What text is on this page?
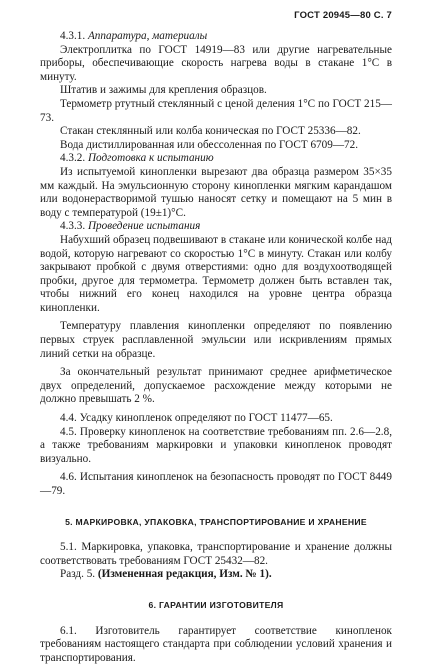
ГОСТ 20945—80 С. 7

4.3.1. Аппаратура, материалы

Электроплитка по ГОСТ 14919—83 или другие нагревательные приборы, обеспечивающие скорость нагрева воды в стакане 1°С в минуту.

Штатив и зажимы для крепления образцов.

Термометр ртутный стеклянный с ценой деления 1°С по ГОСТ 215—73.

Стакан стеклянный или колба коническая по ГОСТ 25336—82.

Вода дистиллированная или обессоленная по ГОСТ 6709—72.

4.3.2. Подготовка к испытанию

Из испытуемой кинопленки вырезают два образца размером 35×35 мм каждый. На эмульсионную сторону кинопленки мягким карандашом или водонерастворимой тушью наносят сетку и помещают на 5 мин в воду с температурой (19±1)°С.

4.3.3. Проведение испытания

Набухший образец подвешивают в стакане или конической колбе над водой, которую нагревают со скоростью 1°С в минуту. Стакан или колбу закрывают пробкой с двумя отверстиями: одно для воздухоотводящей пробки, другое для термометра. Термометр должен быть вставлен так, чтобы нижний его конец находился на уровне центра образца кинопленки.

Температуру плавления кинопленки определяют по появлению первых струек расплавленной эмульсии или искривлениям прямых линий сетки на образце.

За окончательный результат принимают среднее арифметическое двух определений, допускаемое расхождение между которыми не должно превышать 2 %.

4.4. Усадку кинопленок определяют по ГОСТ 11477—65.

4.5. Проверку кинопленок на соответствие требованиям пп. 2.6—2.8, а также требованиям маркировки и упаковки кинопленок проводят визуально.

4.6. Испытания кинопленок на безопасность проводят по ГОСТ 8449—79.

5. МАРКИРОВКА, УПАКОВКА, ТРАНСПОРТИРОВАНИЕ И ХРАНЕНИЕ

5.1. Маркировка, упаковка, транспортирование и хранение должны соответствовать требованиям ГОСТ 25432—82.

Разд. 5. (Измененная редакция, Изм. № 1).

6. ГАРАНТИИ ИЗГОТОВИТЕЛЯ

6.1. Изготовитель гарантирует соответствие кинопленок требованиям настоящего стандарта при соблюдении условий хранения и транспортирования.
